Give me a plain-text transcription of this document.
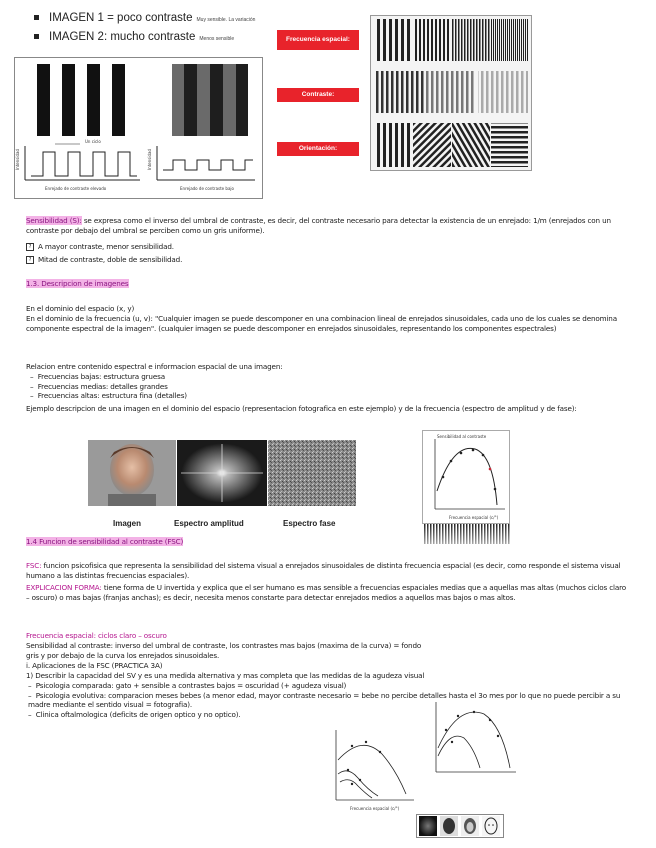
IMAGEN 1 = poco contraste Muy sensible. La variación
IMAGEN 2: mucho contraste Menos sensible
Un ciclo
Intensidad	Intensidad
Enrejado de contraste elevado	Enrejado de contraste bajo
Frecuencia espacial:
Contraste:
Orientación:
Sensibilidad (S): se expresa como el inverso del umbral de contraste, es decir, del contraste necesario para detectar la existencia de un enrejado: 1/m (enrejados con un contraste por debajo del umbral se perciben como un gris uniforme).
? A mayor contraste, menor sensibilidad.
? Mitad de contraste, doble de sensibilidad.
1.3. Descripcion de imagenes
En el dominio del espacio (x, y)
En el dominio de la frecuencia (u, v): "Cualquier imagen se puede descomponer en una combinacion lineal de enrejados sinusoidales, cada uno de los cuales se denomina componente espectral de la imagen". (cualquier imagen se puede descomponer en enrejados sinusoidales, representando los componentes espectrales)
Relacion entre contenido espectral e informacion espacial de una imagen:
–  Frecuencias bajas: estructura gruesa
–  Frecuencias medias: detalles grandes
–  Frecuencias altas: estructura fina (detalles)
Ejemplo descripcion de una imagen en el dominio del espacio (representacion fotografica en este ejemplo) y de la frecuencia (espectro de amplitud y de fase):
Imagen	Espectro amplitud	Espectro fase
Sensibilidad al contraste
Frecuencia espacial (c/°)
1.4 Funcion de sensibilidad al contraste (FSC)
FSC: funcion psicofisica que representa la sensibilidad del sistema visual a enrejados sinusoidales de distinta frecuencia espacial (es decir, como responde el sistema visual humano a las distintas frecuencias espaciales).
EXPLICACION FORMA: tiene forma de U invertida y explica que el ser humano es mas sensible a frecuencias espaciales medias que a aquellas mas altas (muchos ciclos claro – oscuro) o mas bajas (franjas anchas); es decir, necesita menos constarte para detectar enrejados medios a aquellos mas bajos o mas altos.
Frecuencia espacial: ciclos claro – oscuro
Sensibilidad al contraste: inverso del umbral de contraste, los contrastes mas bajos (maxima de la curva) = fondo
gris y por debajo de la curva los enrejados sinusoidales.
i. Aplicaciones de la FSC (PRACTICA 3A)
1) Describir la capacidad del SV y es una medida alternativa y mas completa que las medidas de la agudeza visual
–  Psicologia comparada: gato + sensible a contrastes bajos = oscuridad (+ agudeza visual)
–  Psicologia evolutiva: comparacion meses bebes (a menor edad, mayor contraste necesario = bebe no percibe detalles hasta el 3o mes por lo que no puede percibir a su madre mediante el sentido visual = fotografia).
–  Clinica oftalmologica (deficits de origen optico y no optico).
Frecuencia espacial (c/°)
